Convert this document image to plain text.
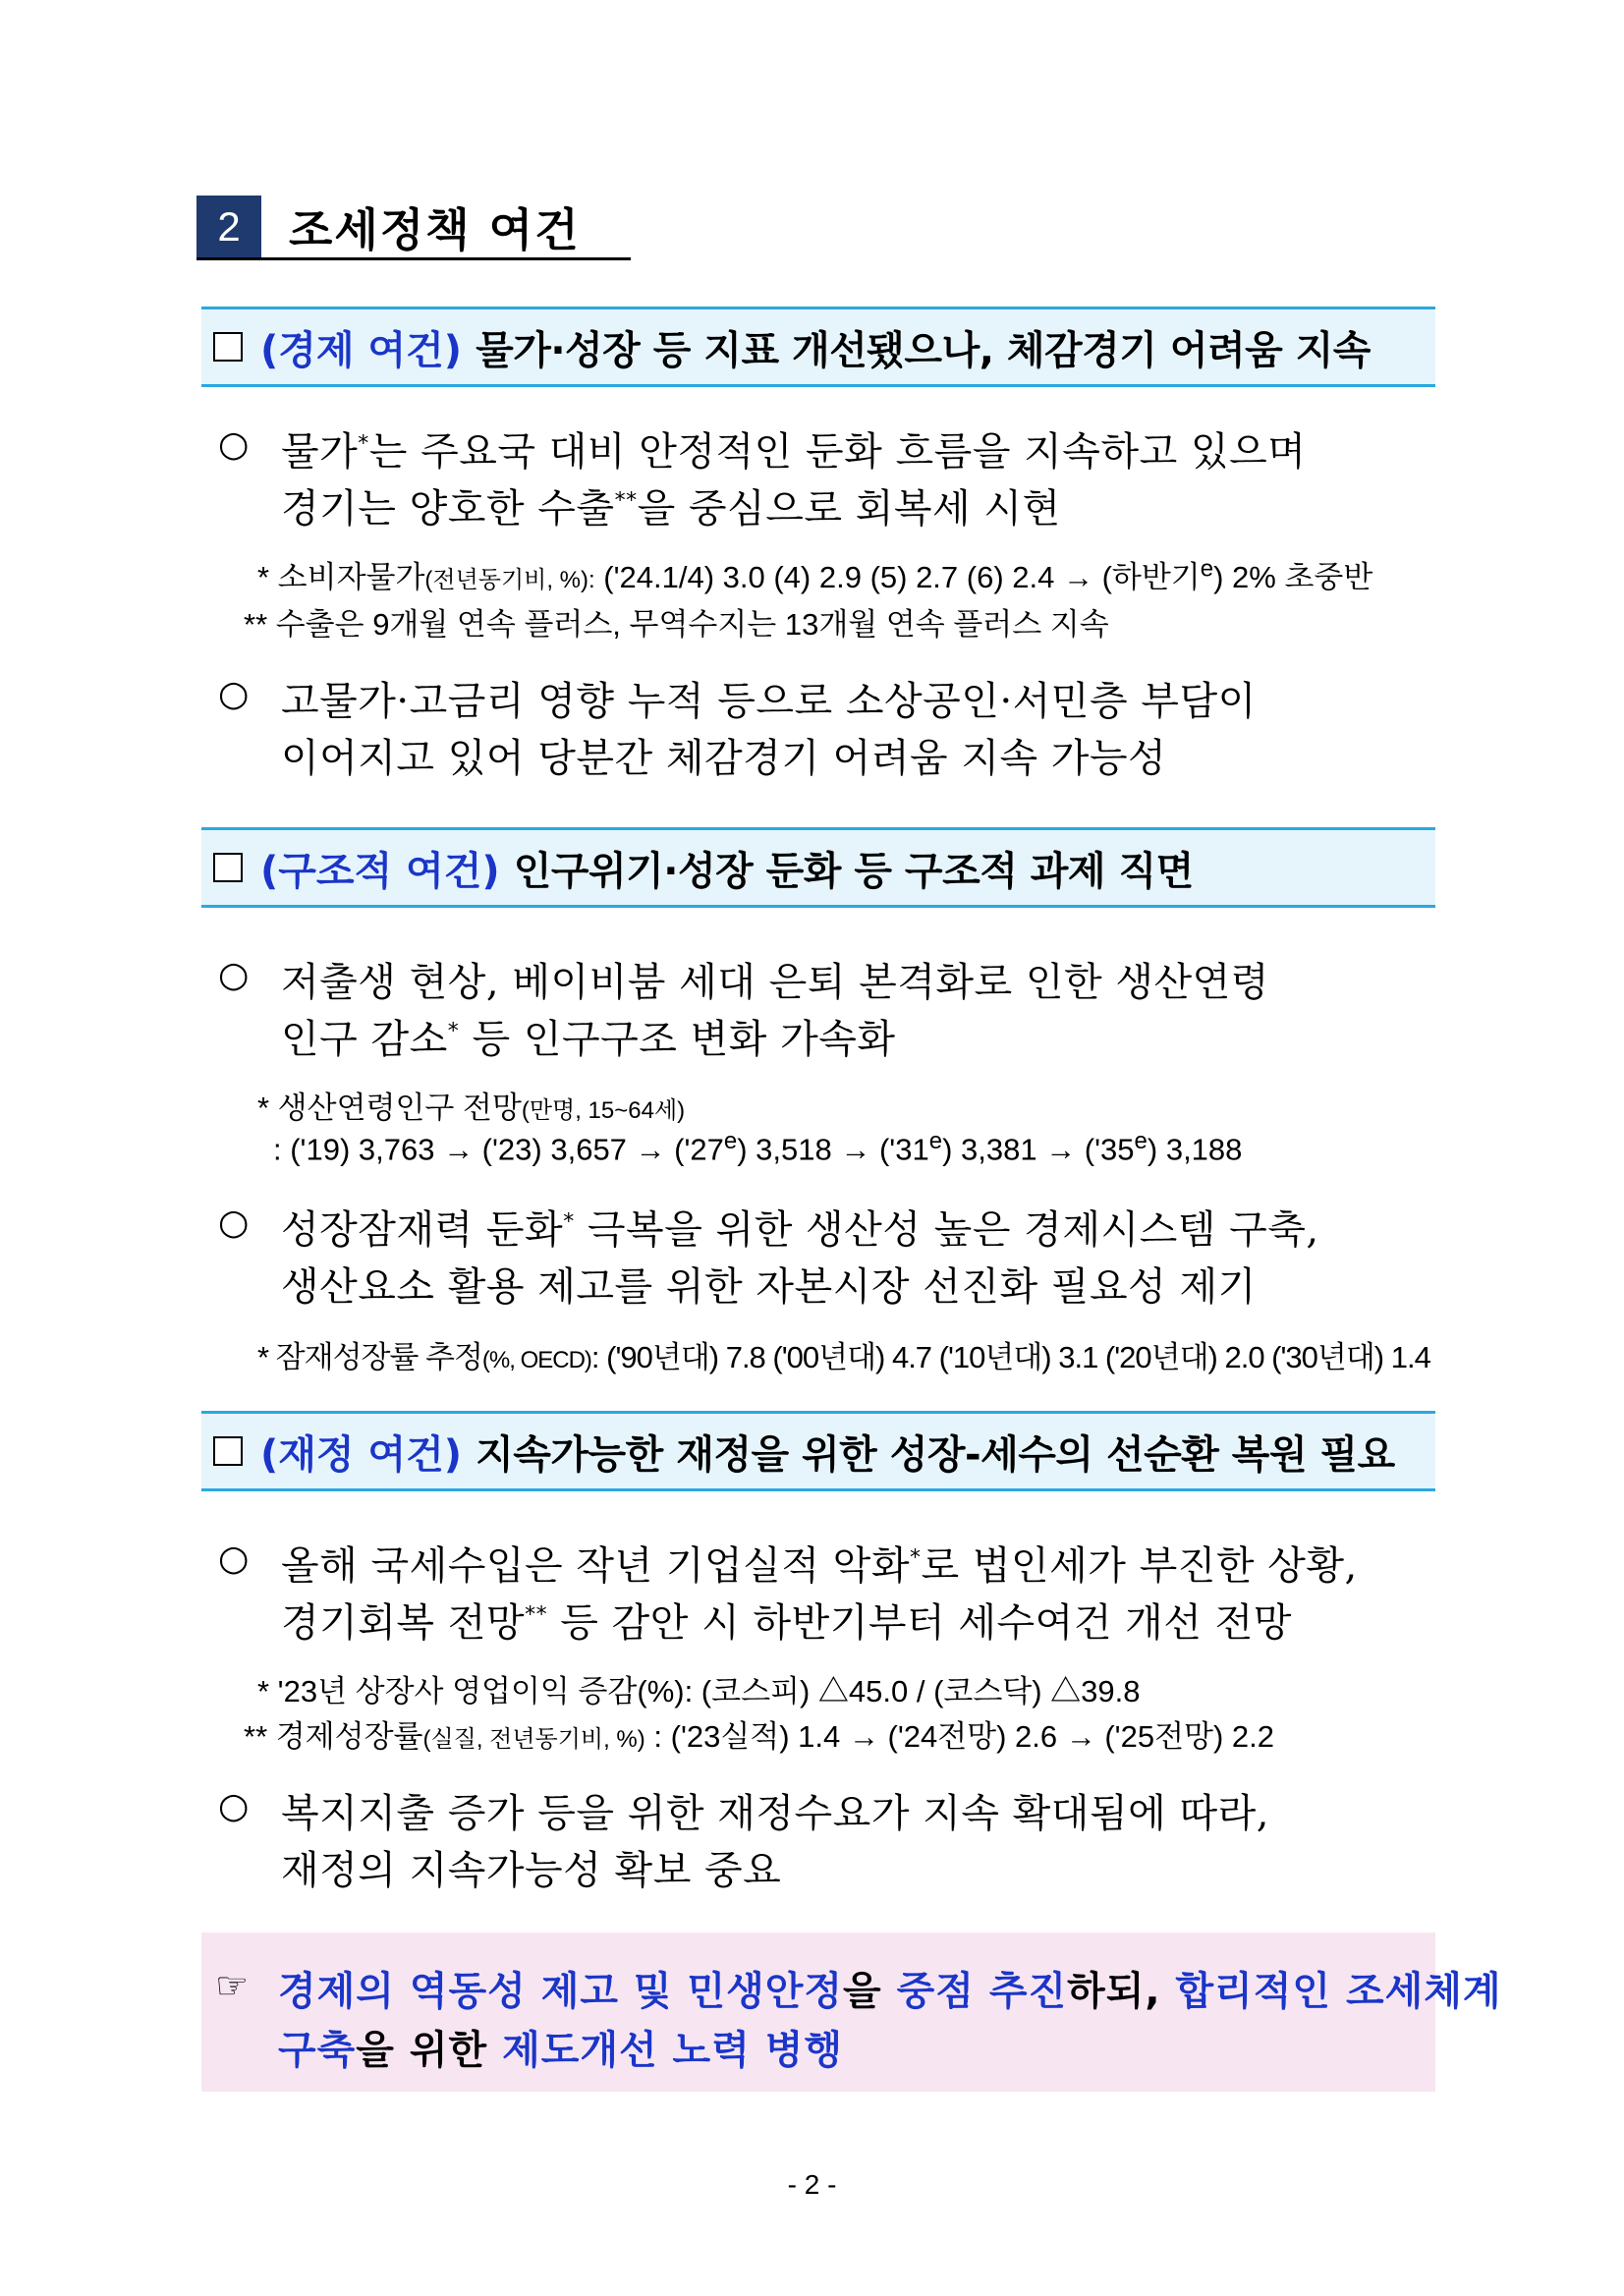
2	조세정책 여건
(경제 여건) 물가·성장 등 지표 개선됐으나, 체감경기 어려움 지속
○ 물가*는 주요국 대비 안정적인 둔화 흐름을 지속하고 있으며
경기는 양호한 수출**을 중심으로 회복세 시현
* 소비자물가(전년동기비, %): ('24.1/4) 3.0 (4) 2.9 (5) 2.7 (6) 2.4 → (하반기$^e$) 2% 초중반
** 수출은 9개월 연속 플러스, 무역수지는 13개월 연속 플러스 지속
○ 고물가·고금리 영향 누적 등으로 소상공인·서민층 부담이
이어지고 있어 당분간 체감경기 어려움 지속 가능성
(구조적 여건) 인구위기·성장 둔화 등 구조적 과제 직면
○ 저출생 현상, 베이비붐 세대 은퇴 본격화로 인한 생산연령
인구 감소* 등 인구구조 변화 가속화
* 생산연령인구 전망(만명, 15~64세)
: ('19) 3,763 → ('23) $3,657 \to ('27^e) 3,518 \to ('31^e) 3,381 \to ('35^e)$ 3,188
○ 성장잠재력 둔화* 극복을 위한 생산성 높은 경제시스템 구축,
생산요소 활용 제고를 위한 자본시장 선진화 필요성 제기
* 잠재성장률 추정(%, OECD): ('90년대) 7.8 ('00년대) 4.7 ('10년대) 3.1 ('20년대) 2.0 ('30년대) 1.4
(재정 여건) 지속가능한 재정을 위한 성장-세수의 선순환 복원 필요
○ 올해 국세수입은 작년 기업실적 악화*로 법인세가 부진한 상황,
경기회복 전망** 등 감안 시 하반기부터 세수여건 개선 전망
* '23년 상장사 영업이익 증감(%): (코스피) △45.0 / (코스닥) △39.8
** 경제성장률(실질, 전년동기비, %) : ('23실적) 1.4 → ('24전망) 2.6 → ('25전망) 2.2
○ 복지지출 증가 등을 위한 재정수요가 지속 확대됨에 따라,
재정의 지속가능성 확보 중요
☞ 경제의 역동성 제고 및 민생안정을 중점 추진하되, 합리적인 조세체계
구축을 위한 제도개선 노력 병행
- 2 -
